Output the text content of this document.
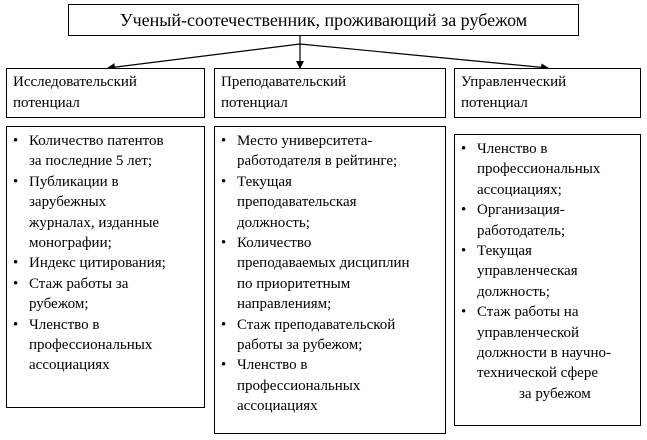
Ученый-соотечественник, проживающий за рубежом
Исследовательский
потенциал
• Количество патентов
за последние 5 лет;
• Публикации в
зарубежных
журналах, изданные
монографии;
• Индекс цитирования;
• Стаж работы за
рубежом;
• Членство в
профессиональных
ассоциациях
Преподавательский
потенциал
• Место университета-
работодателя в рейтинге;
• Текущая
преподавательская
должность;
• Количество
преподаваемых дисциплин
по приоритетным
направлениям;
• Стаж преподавательской
работы за рубежом;
• Членство в
профессиональных
ассоциациях
Управленческий
потенциал
• Членство в
профессиональных
ассоциациях;
• Организация-
работодатель;
• Текущая
управленческая
должность;
• Стаж работы на
управленческой
должности в научно-
технической сфере
за рубежом
